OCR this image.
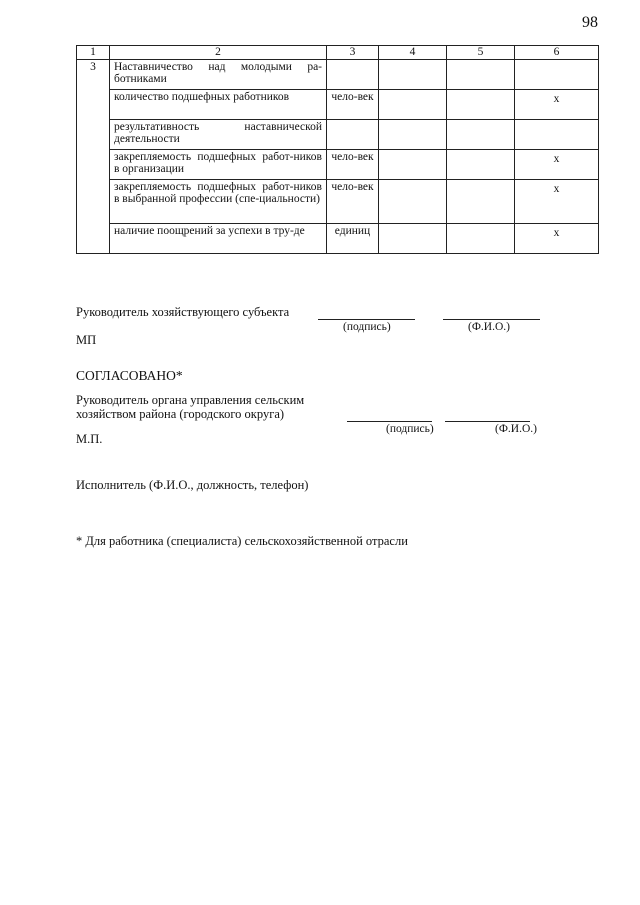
98
1	2	3	4	5	6
3	Наставничество над молодыми ра-ботниками				
	количество подшефных работников	чело-век			х
	результативность наставнической деятельности				
	закрепляемость подшефных работ-ников в организации	чело-век			х
	закрепляемость подшефных работ-ников в выбранной профессии (спе-циальности)	чело-век			х
	наличие поощрений за успехи в тру-де	единиц			х
Руководитель хозяйствующего субъекта
(подпись)	(Ф.И.О.)
МП
СОГЛАСОВАНО*
Руководитель органа управления сельским
хозяйством района (городского округа)
(подпись)	(Ф.И.О.)
М.П.
Исполнитель (Ф.И.О., должность, телефон)
* Для работника (специалиста) сельскохозяйственной отрасли
